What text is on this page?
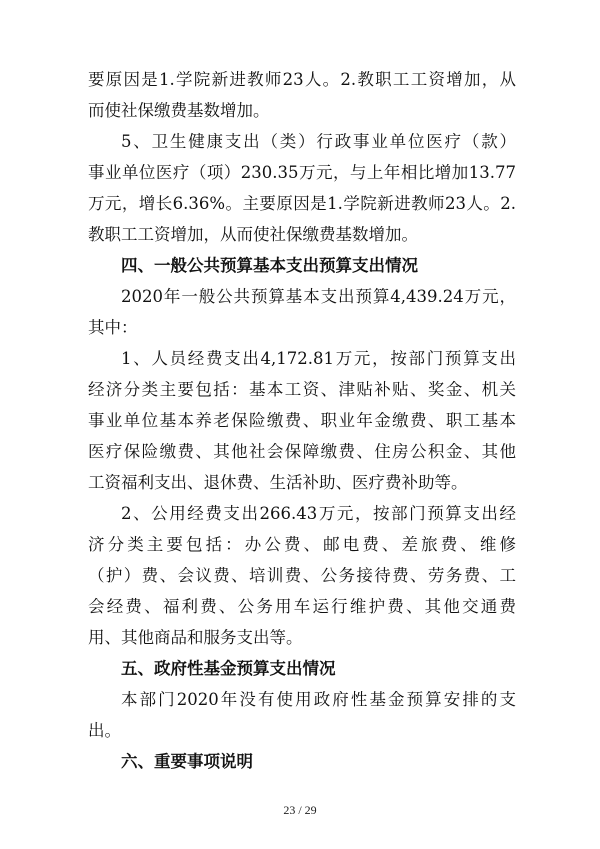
要原因是1.学院新进教师23人。2.教职工工资增加，从
而使社保缴费基数增加。
5、卫生健康支出（类）行政事业单位医疗（款）
事业单位医疗（项）230.35万元，与上年相比增加13.77
万元，增长6.36%。主要原因是1.学院新进教师23人。2.
教职工工资增加，从而使社保缴费基数增加。
四、一般公共预算基本支出预算支出情况
2020年一般公共预算基本支出预算4,439.24万元，
其中：
1、人员经费支出4,172.81万元，按部门预算支出
经济分类主要包括：基本工资、津贴补贴、奖金、机关
事业单位基本养老保险缴费、职业年金缴费、职工基本
医疗保险缴费、其他社会保障缴费、住房公积金、其他
工资福利支出、退休费、生活补助、医疗费补助等。
2、公用经费支出266.43万元，按部门预算支出经
济分类主要包括：办公费、邮电费、差旅费、维修
（护）费、会议费、培训费、公务接待费、劳务费、工
会经费、福利费、公务用车运行维护费、其他交通费
用、其他商品和服务支出等。
五、政府性基金预算支出情况
本部门2020年没有使用政府性基金预算安排的支
出。
六、重要事项说明
23 / 29
